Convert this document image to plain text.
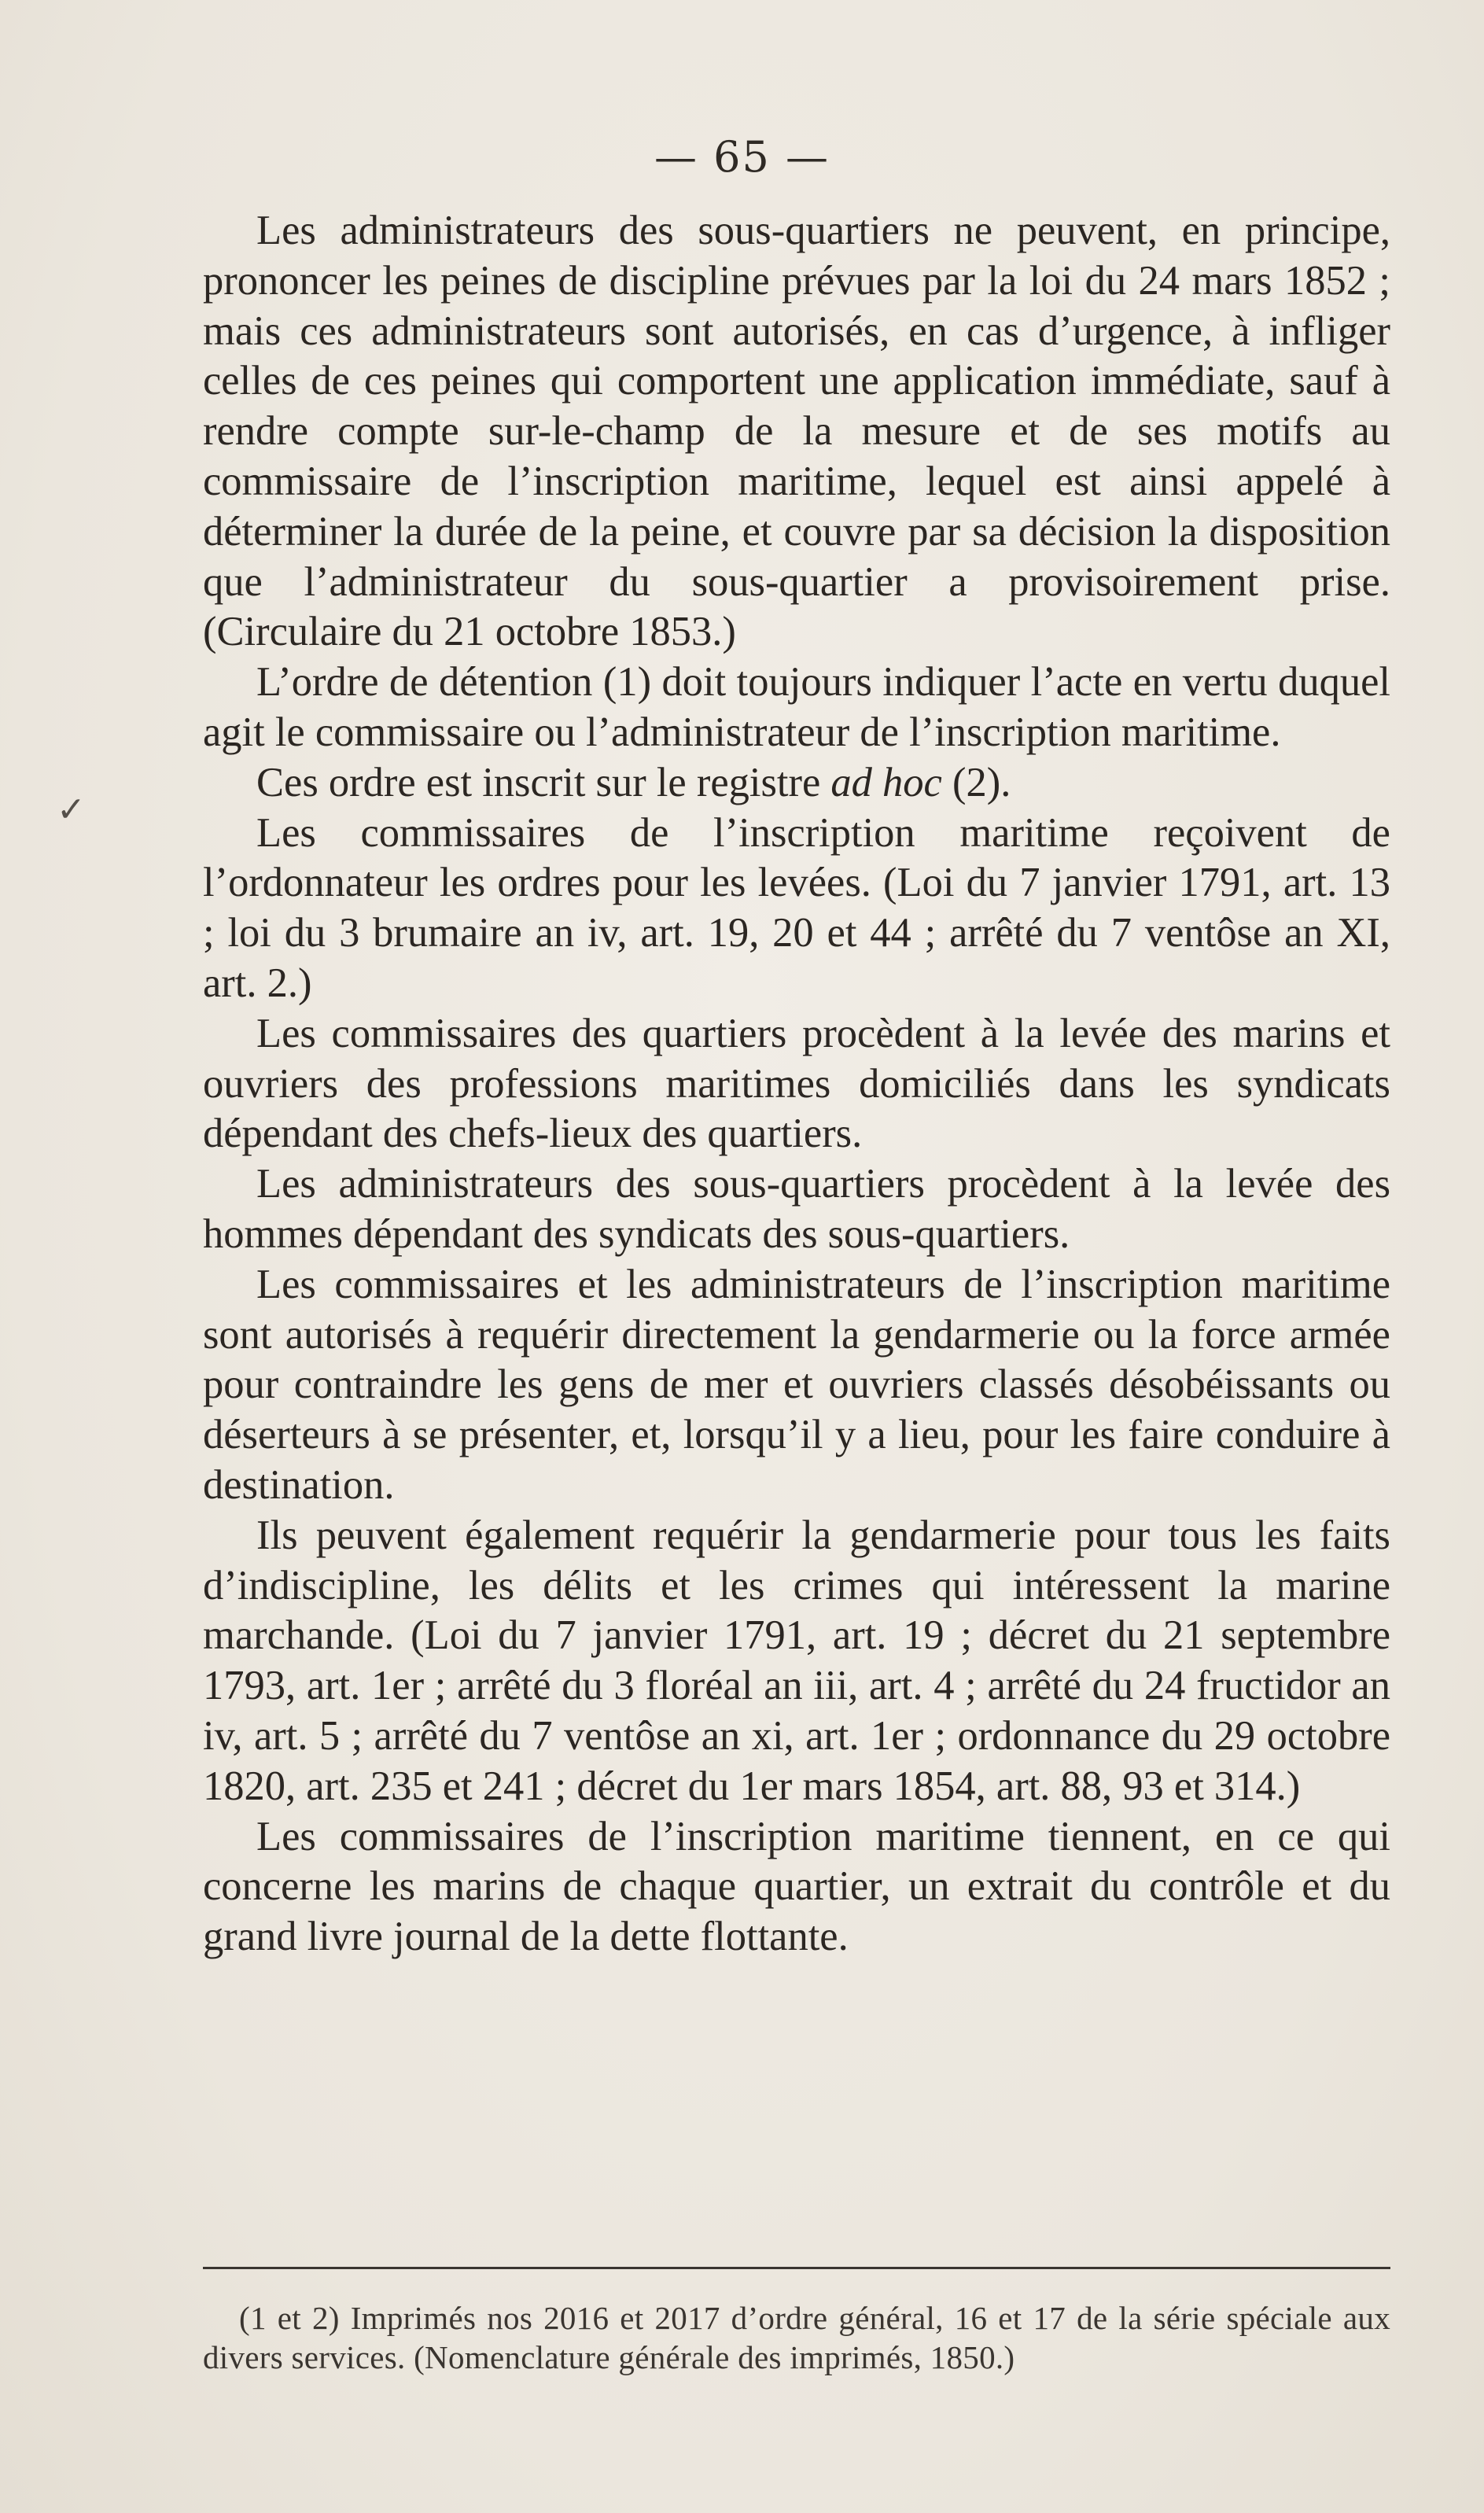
— 65 —
✓

Les administrateurs des sous-quartiers ne peuvent, en principe, prononcer les peines de discipline prévues par la loi du 24 mars 1852 ; mais ces administrateurs sont autorisés, en cas d’urgence, à infliger celles de ces peines qui comportent une application immédiate, sauf à rendre compte sur-le-champ de la mesure et de ses motifs au commissaire de l’inscription maritime, lequel est ainsi appelé à déterminer la durée de la peine, et couvre par sa décision la disposition que l’administrateur du sous-quartier a provisoirement prise. (Circulaire du 21 octobre 1853.)

L’ordre de détention (1) doit toujours indiquer l’acte en vertu duquel agit le commissaire ou l’administrateur de l’inscription maritime.

Ces ordre est inscrit sur le registre ad hoc (2).

Les commissaires de l’inscription maritime reçoivent de l’ordonnateur les ordres pour les levées. (Loi du 7 janvier 1791, art. 13 ; loi du 3 brumaire an iv, art. 19, 20 et 44 ; arrêté du 7 ventôse an XI, art. 2.)

Les commissaires des quartiers procèdent à la levée des marins et ouvriers des professions maritimes domiciliés dans les syndicats dépendant des chefs-lieux des quartiers.

Les administrateurs des sous-quartiers procèdent à la levée des hommes dépendant des syndicats des sous-quartiers.

Les commissaires et les administrateurs de l’inscription maritime sont autorisés à requérir directement la gendarmerie ou la force armée pour contraindre les gens de mer et ouvriers classés désobéissants ou déserteurs à se présenter, et, lorsqu’il y a lieu, pour les faire conduire à destination.

Ils peuvent également requérir la gendarmerie pour tous les faits d’indiscipline, les délits et les crimes qui intéressent la marine marchande. (Loi du 7 janvier 1791, art. 19 ; décret du 21 septembre 1793, art. 1er ; arrêté du 3 floréal an iii, art. 4 ; arrêté du 24 fructidor an iv, art. 5 ; arrêté du 7 ventôse an xi, art. 1er ; ordonnance du 29 octobre 1820, art. 235 et 241 ; décret du 1er mars 1854, art. 88, 93 et 314.)

Les commissaires de l’inscription maritime tiennent, en ce qui concerne les marins de chaque quartier, un extrait du contrôle et du grand livre journal de la dette flottante.

(1 et 2) Imprimés nos 2016 et 2017 d’ordre général, 16 et 17 de la série spéciale aux divers services. (Nomenclature générale des imprimés, 1850.)
